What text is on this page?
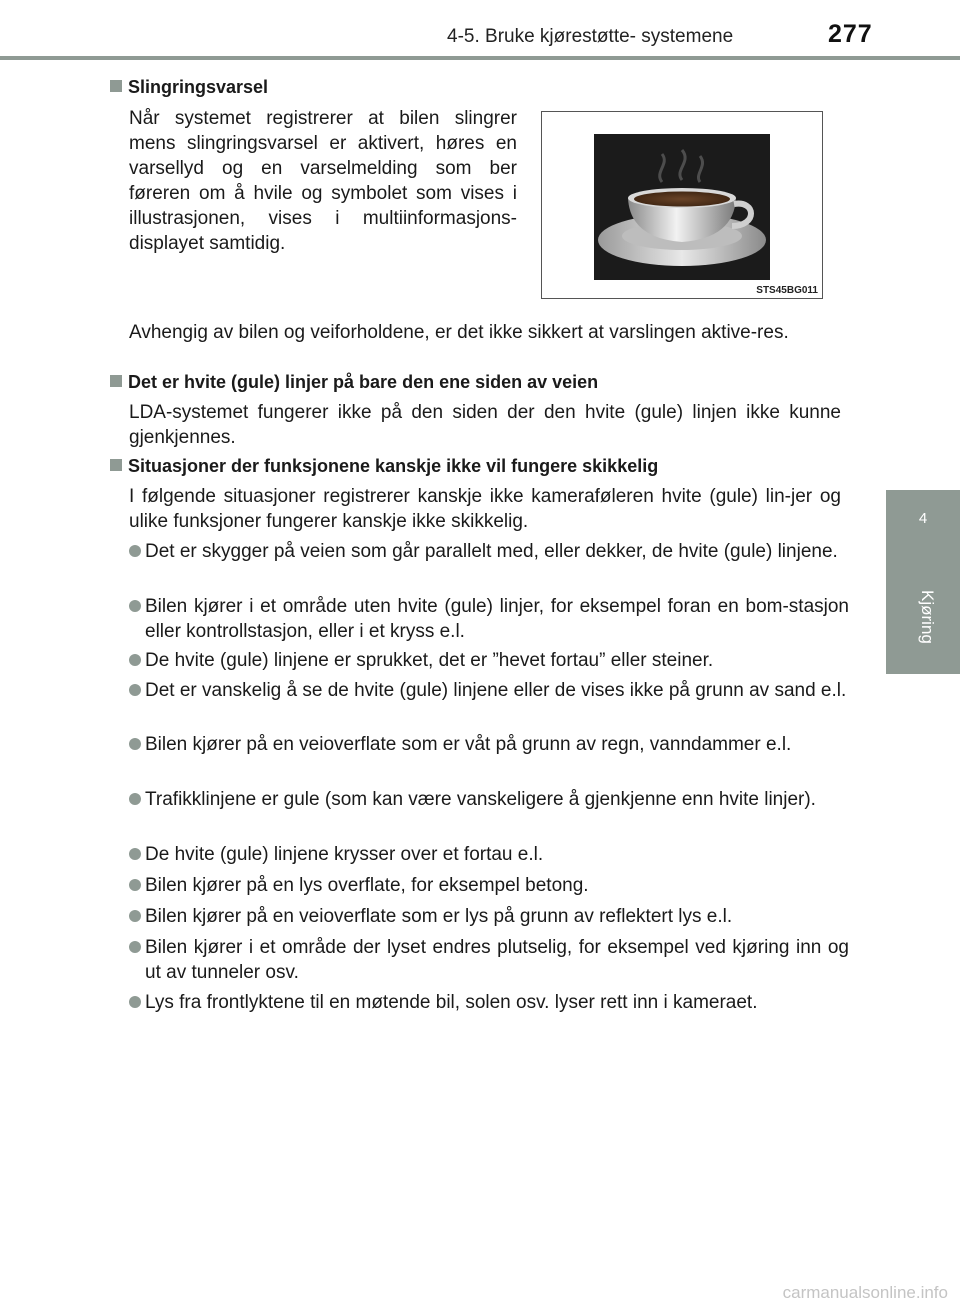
4-5. Bruke kjørestøtte- systemene	277
4
Kjøring
Slingringsvarsel

Når systemet registrerer at bilen slingrer mens slingringsvarsel er aktivert, høres en varsellyd og en varselmelding som ber føreren om å hvile og symbolet som vises i illustrasjonen, vises i multiinformasjons-displayet samtidig.

STS45BG011

Avhengig av bilen og veiforholdene, er det ikke sikkert at varslingen aktive-res.

Det er hvite (gule) linjer på bare den ene siden av veien

LDA-systemet fungerer ikke på den siden der den hvite (gule) linjen ikke kunne gjenkjennes.

Situasjoner der funksjonene kanskje ikke vil fungere skikkelig

I følgende situasjoner registrerer kanskje ikke kameraføleren hvite (gule) lin-jer og ulike funksjoner fungerer kanskje ikke skikkelig.

Det er skygger på veien som går parallelt med, eller dekker, de hvite (gule) linjene.

Bilen kjører i et område uten hvite (gule) linjer, for eksempel foran en bom-stasjon eller kontrollstasjon, eller i et kryss e.l.

De hvite (gule) linjene er sprukket, det er ”hevet fortau” eller steiner.

Det er vanskelig å se de hvite (gule) linjene eller de vises ikke på grunn av sand e.l.

Bilen kjører på en veioverflate som er våt på grunn av regn, vanndammer e.l.

Trafikklinjene er gule (som kan være vanskeligere å gjenkjenne enn hvite linjer).

De hvite (gule) linjene krysser over et fortau e.l.

Bilen kjører på en lys overflate, for eksempel betong.

Bilen kjører på en veioverflate som er lys på grunn av reflektert lys e.l.

Bilen kjører i et område der lyset endres plutselig, for eksempel ved kjøring inn og ut av tunneler osv.

Lys fra frontlyktene til en møtende bil, solen osv. lyser rett inn i kameraet.

carmanualsonline.info
